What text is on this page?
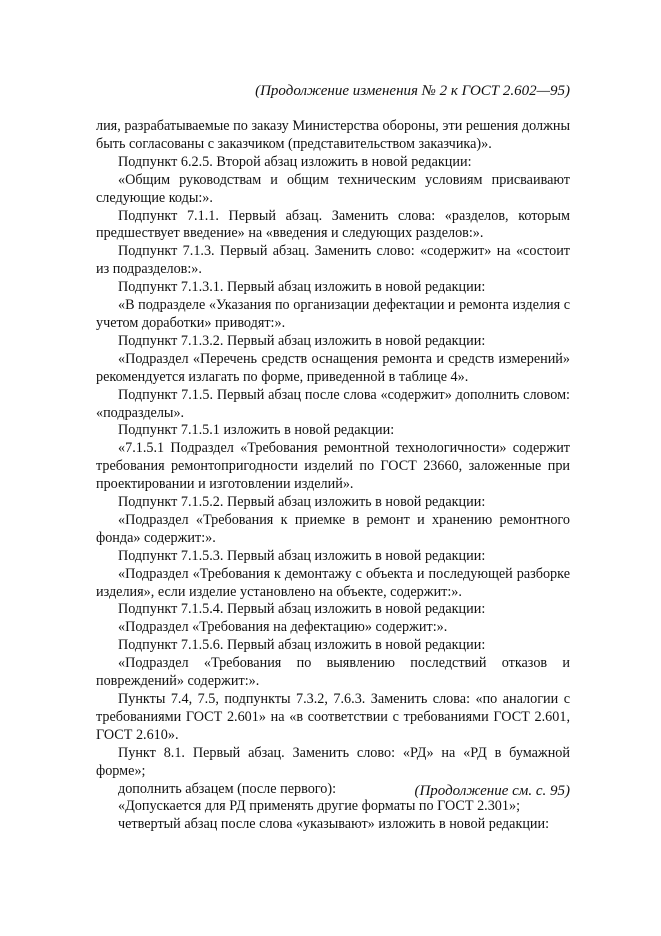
(Продолжение изменения № 2 к ГОСТ 2.602—95)

лия, разрабатываемые по заказу Министерства обороны, эти решения должны быть согласованы с заказчиком (представительством заказчика)».

Подпункт 6.2.5. Второй абзац изложить в новой редакции:

«Общим руководствам и общим техническим условиям присваивают следующие коды:».

Подпункт 7.1.1. Первый абзац. Заменить слова: «разделов, которым предшествует введение» на «введения и следующих разделов:».

Подпункт 7.1.3. Первый абзац. Заменить слово: «содержит» на «состоит из подразделов:».

Подпункт 7.1.3.1. Первый абзац изложить в новой редакции:

«В подразделе «Указания по организации дефектации и ремонта изделия с учетом доработки» приводят:».

Подпункт 7.1.3.2. Первый абзац изложить в новой редакции:

«Подраздел «Перечень средств оснащения ремонта и средств измерений» рекомендуется излагать по форме, приведенной в таблице 4».

Подпункт 7.1.5. Первый абзац после слова «содержит» дополнить словом: «подразделы».

Подпункт 7.1.5.1 изложить в новой редакции:

«7.1.5.1 Подраздел «Требования ремонтной технологичности» содержит требования ремонтопригодности изделий по ГОСТ 23660, заложенные при проектировании и изготовлении изделий».

Подпункт 7.1.5.2. Первый абзац изложить в новой редакции:

«Подраздел «Требования к приемке в ремонт и хранению ремонтного фонда» содержит:».

Подпункт 7.1.5.3. Первый абзац изложить в новой редакции:

«Подраздел «Требования к демонтажу с объекта и последующей разборке изделия», если изделие установлено на объекте, содержит:».

Подпункт 7.1.5.4. Первый абзац изложить в новой редакции:

«Подраздел «Требования на дефектацию» содержит:».

Подпункт 7.1.5.6. Первый абзац изложить в новой редакции:

«Подраздел «Требования по выявлению последствий отказов и повреждений» содержит:».

Пункты 7.4, 7.5, подпункты 7.3.2, 7.6.3. Заменить слова: «по аналогии с требованиями ГОСТ 2.601» на «в соответствии с требованиями ГОСТ 2.601, ГОСТ 2.610».

Пункт 8.1. Первый абзац. Заменить слово: «РД» на «РД в бумажной форме»;

дополнить абзацем (после первого):

«Допускается для РД применять другие форматы по ГОСТ 2.301»;

четвертый абзац после слова «указывают» изложить в новой редакции:

(Продолжение см. с. 95)
